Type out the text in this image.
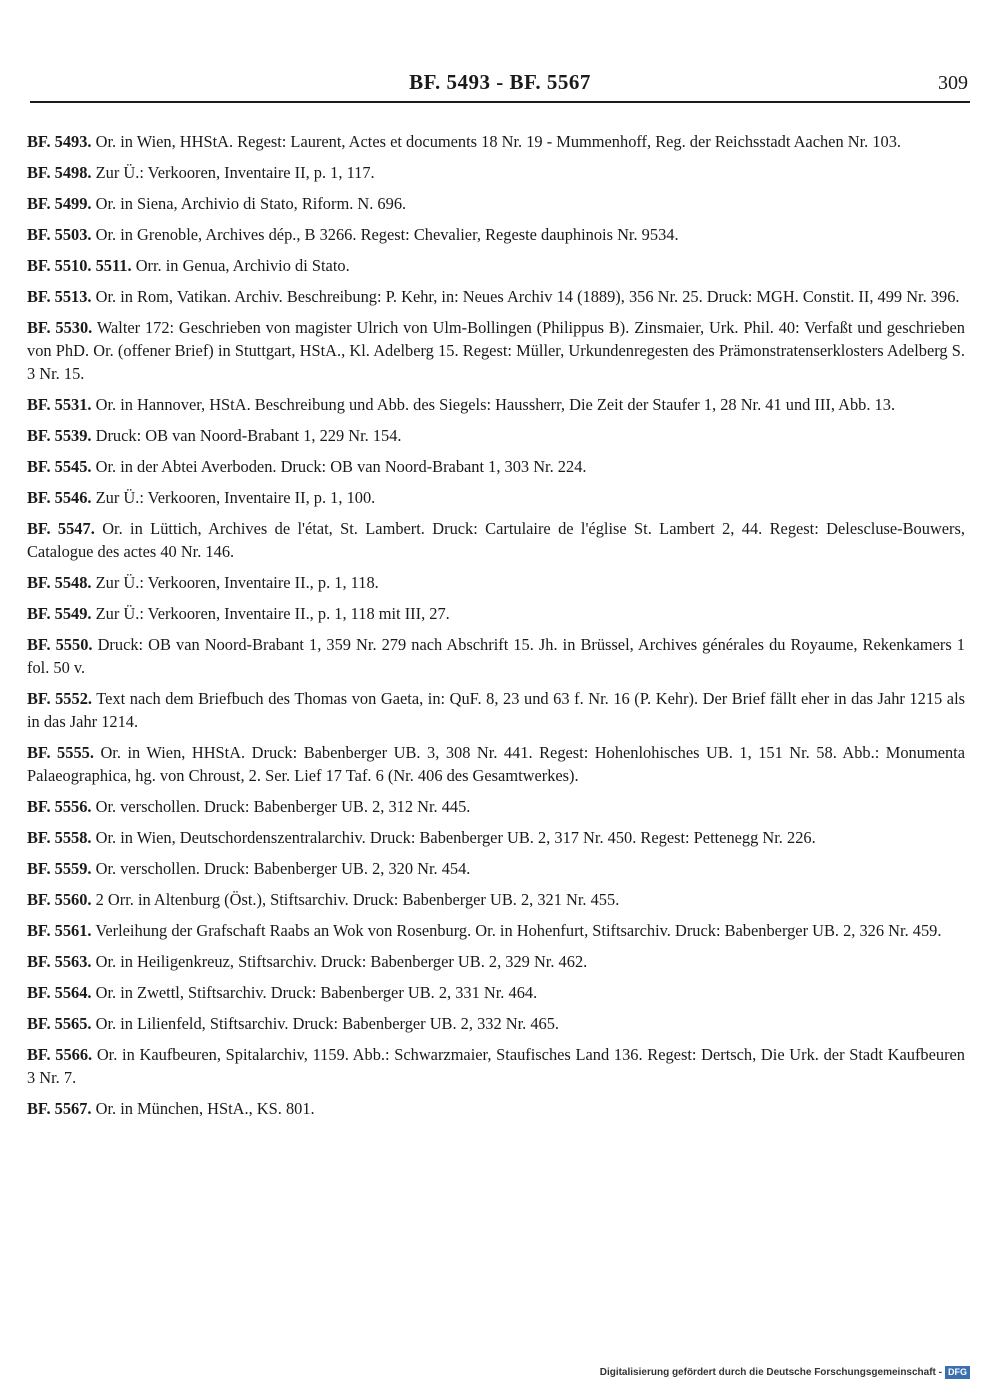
BF. 5493 - BF. 5567	309
BF. 5493. Or. in Wien, HHStA. Regest: Laurent, Actes et documents 18 Nr. 19 - Mummenhoff, Reg. der Reichsstadt Aachen Nr. 103.
BF. 5498. Zur Ü.: Verkooren, Inventaire II, p. 1, 117.
BF. 5499. Or. in Siena, Archivio di Stato, Riform. N. 696.
BF. 5503. Or. in Grenoble, Archives dép., B 3266. Regest: Chevalier, Regeste dauphinois Nr. 9534.
BF. 5510. 5511. Orr. in Genua, Archivio di Stato.
BF. 5513. Or. in Rom, Vatikan. Archiv. Beschreibung: P. Kehr, in: Neues Archiv 14 (1889), 356 Nr. 25. Druck: MGH. Constit. II, 499 Nr. 396.
BF. 5530. Walter 172: Geschrieben von magister Ulrich von Ulm-Bollingen (Philippus B). Zinsmaier, Urk. Phil. 40: Verfaßt und geschrieben von PhD. Or. (offener Brief) in Stuttgart, HStA., Kl. Adelberg 15. Regest: Müller, Urkundenregesten des Prämonstratenserklosters Adelberg S. 3 Nr. 15.
BF. 5531. Or. in Hannover, HStA. Beschreibung und Abb. des Siegels: Haussherr, Die Zeit der Staufer 1, 28 Nr. 41 und III, Abb. 13.
BF. 5539. Druck: OB van Noord-Brabant 1, 229 Nr. 154.
BF. 5545. Or. in der Abtei Averboden. Druck: OB van Noord-Brabant 1, 303 Nr. 224.
BF. 5546. Zur Ü.: Verkooren, Inventaire II, p. 1, 100.
BF. 5547. Or. in Lüttich, Archives de l'état, St. Lambert. Druck: Cartulaire de l'église St. Lambert 2, 44. Regest: Delescluse-Bouwers, Catalogue des actes 40 Nr. 146.
BF. 5548. Zur Ü.: Verkooren, Inventaire II., p. 1, 118.
BF. 5549. Zur Ü.: Verkooren, Inventaire II., p. 1, 118 mit III, 27.
BF. 5550. Druck: OB van Noord-Brabant 1, 359 Nr. 279 nach Abschrift 15. Jh. in Brüssel, Archives générales du Royaume, Rekenkamers 1 fol. 50 v.
BF. 5552. Text nach dem Briefbuch des Thomas von Gaeta, in: QuF. 8, 23 und 63 f. Nr. 16 (P. Kehr). Der Brief fällt eher in das Jahr 1215 als in das Jahr 1214.
BF. 5555. Or. in Wien, HHStA. Druck: Babenberger UB. 3, 308 Nr. 441. Regest: Hohenlohisches UB. 1, 151 Nr. 58. Abb.: Monumenta Palaeographica, hg. von Chroust, 2. Ser. Lief 17 Taf. 6 (Nr. 406 des Gesamtwerkes).
BF. 5556. Or. verschollen. Druck: Babenberger UB. 2, 312 Nr. 445.
BF. 5558. Or. in Wien, Deutschordenszentralarchiv. Druck: Babenberger UB. 2, 317 Nr. 450. Regest: Pettenegg Nr. 226.
BF. 5559. Or. verschollen. Druck: Babenberger UB. 2, 320 Nr. 454.
BF. 5560. 2 Orr. in Altenburg (Öst.), Stiftsarchiv. Druck: Babenberger UB. 2, 321 Nr. 455.
BF. 5561. Verleihung der Grafschaft Raabs an Wok von Rosenburg. Or. in Hohenfurt, Stiftsarchiv. Druck: Babenberger UB. 2, 326 Nr. 459.
BF. 5563. Or. in Heiligenkreuz, Stiftsarchiv. Druck: Babenberger UB. 2, 329 Nr. 462.
BF. 5564. Or. in Zwettl, Stiftsarchiv. Druck: Babenberger UB. 2, 331 Nr. 464.
BF. 5565. Or. in Lilienfeld, Stiftsarchiv. Druck: Babenberger UB. 2, 332 Nr. 465.
BF. 5566. Or. in Kaufbeuren, Spitalarchiv, 1159. Abb.: Schwarzmaier, Staufisches Land 136. Regest: Dertsch, Die Urk. der Stadt Kaufbeuren 3 Nr. 7.
BF. 5567. Or. in München, HStA., KS. 801.
Digitalisierung gefördert durch die Deutsche Forschungsgemeinschaft - DFG
